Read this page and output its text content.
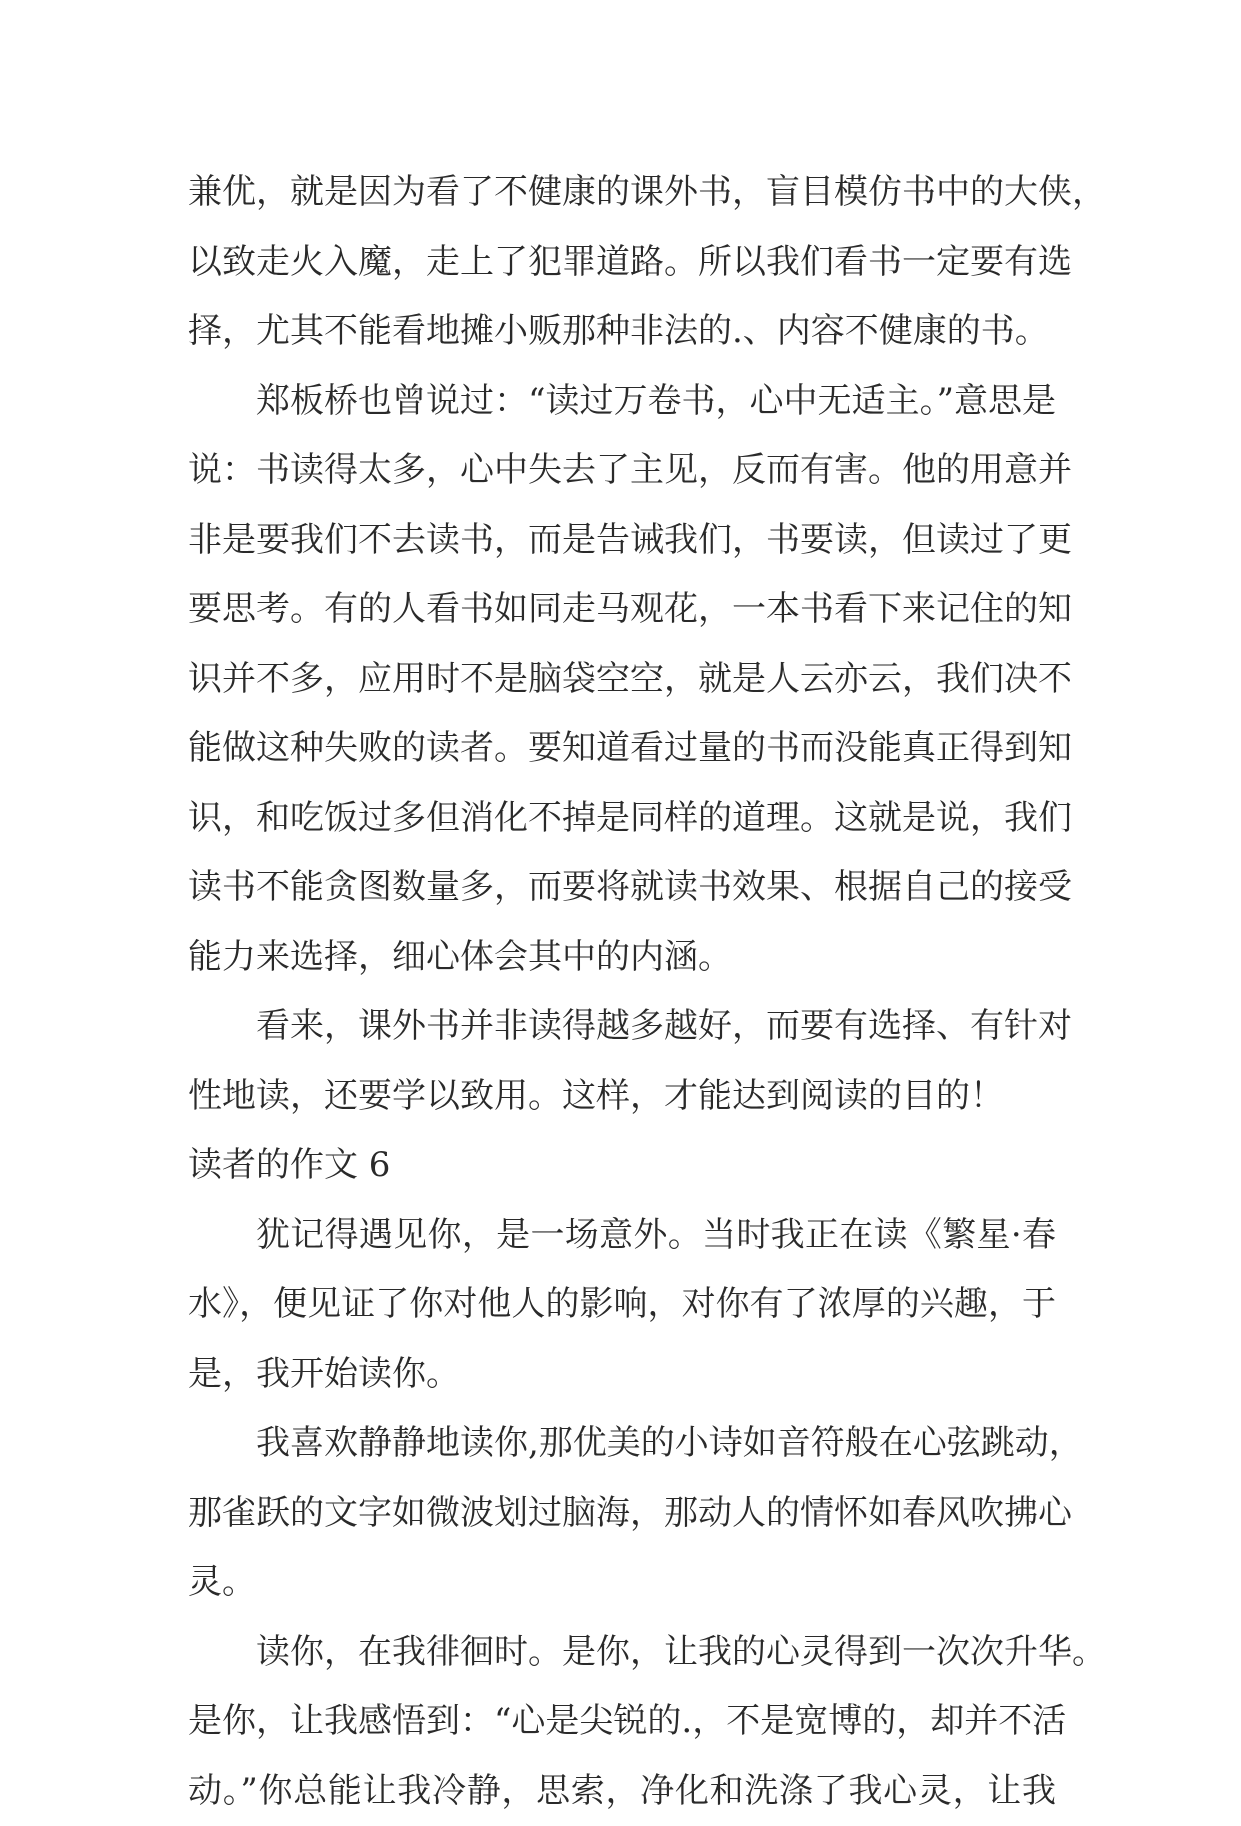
兼优，就是因为看了不健康的课外书，盲目模仿书中的大侠，
以致走火入魔，走上了犯罪道路。所以我们看书一定要有选
择，尤其不能看地摊小贩那种非法的.、内容不健康的书。
郑板桥也曾说过：“读过万卷书，心中无适主。”意思是
说：书读得太多，心中失去了主见，反而有害。他的用意并
非是要我们不去读书，而是告诫我们，书要读，但读过了更
要思考。有的人看书如同走马观花，一本书看下来记住的知
识并不多，应用时不是脑袋空空，就是人云亦云，我们决不
能做这种失败的读者。要知道看过量的书而没能真正得到知
识，和吃饭过多但消化不掉是同样的道理。这就是说，我们
读书不能贪图数量多，而要将就读书效果、根据自己的接受
能力来选择，细心体会其中的内涵。
看来，课外书并非读得越多越好，而要有选择、有针对
性地读，还要学以致用。这样，才能达到阅读的目的！
读者的作文 6
犹记得遇见你，是一场意外。当时我正在读《繁星·春
水》，便见证了你对他人的影响，对你有了浓厚的兴趣，于
是，我开始读你。
我喜欢静静地读你,那优美的小诗如音符般在心弦跳动，
那雀跃的文字如微波划过脑海，那动人的情怀如春风吹拂心
灵。
读你，在我徘徊时。是你，让我的心灵得到一次次升华。
是你，让我感悟到：“心是尖锐的.，不是宽博的，却并不活
动。”你总能让我冷静，思索，净化和洗涤了我心灵，让我
